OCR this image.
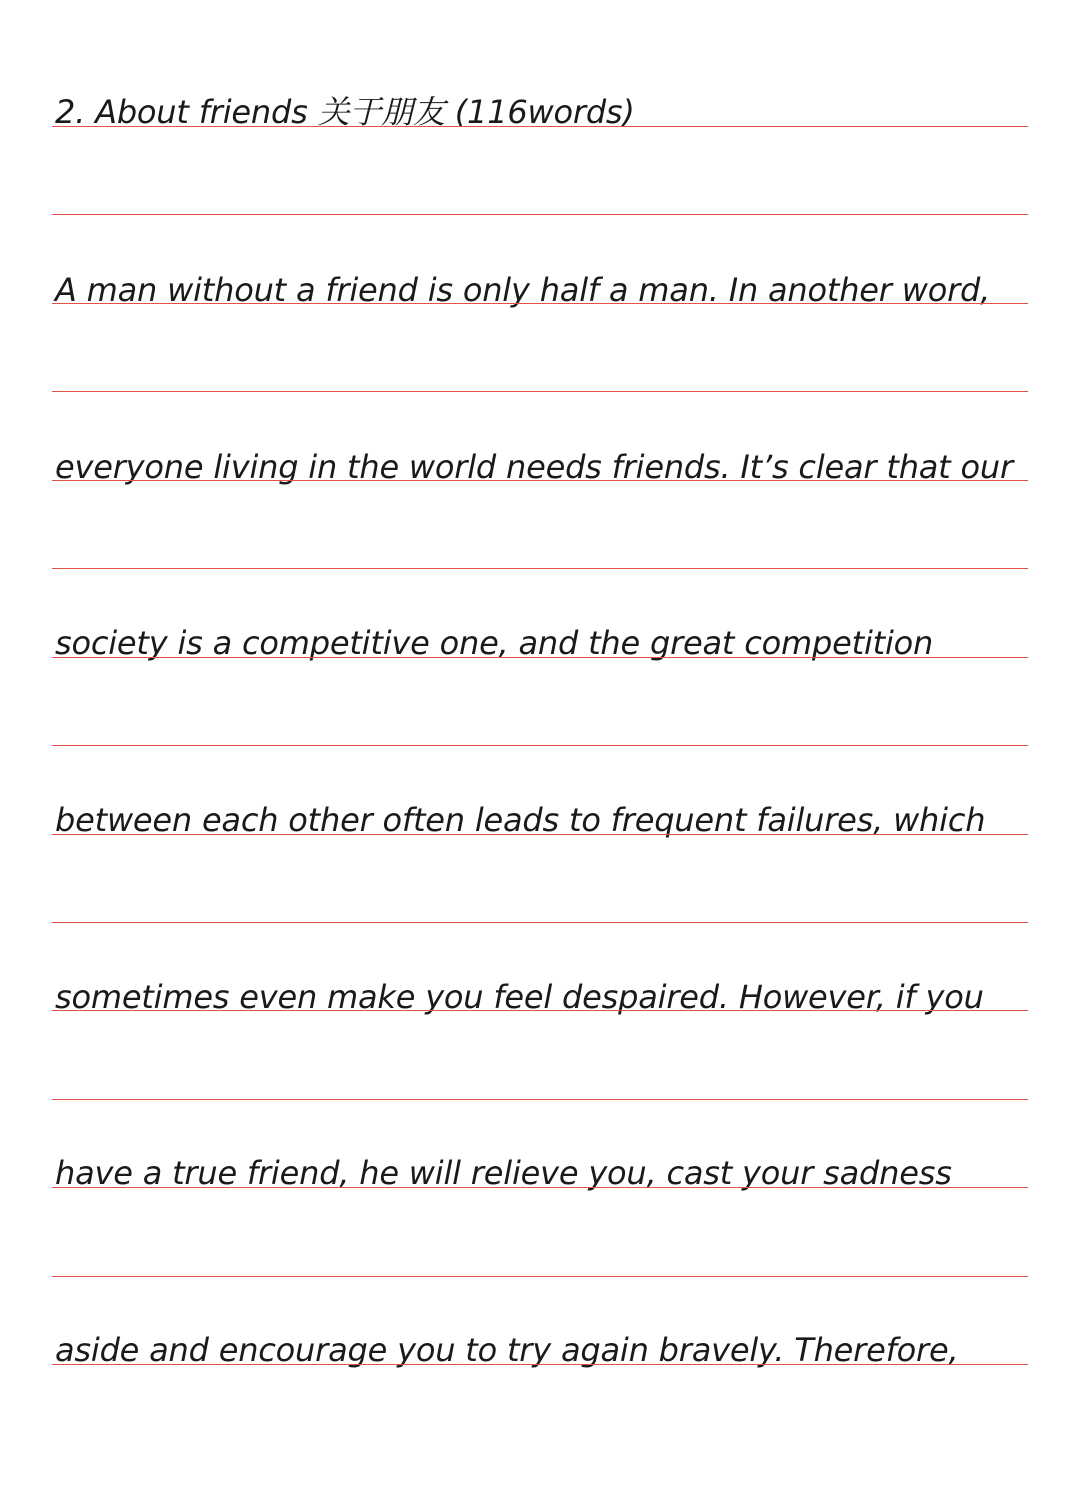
2. About friends 关于朋友 (116words)
A man without a friend is only half a man. In another word,
everyone living in the world needs friends. It’s clear that our
society is a competitive one, and the great competition
between each other often leads to frequent failures, which
sometimes even make you feel despaired. However, if you
have a true friend, he will relieve you, cast your sadness
aside and encourage you to try again bravely. Therefore,
